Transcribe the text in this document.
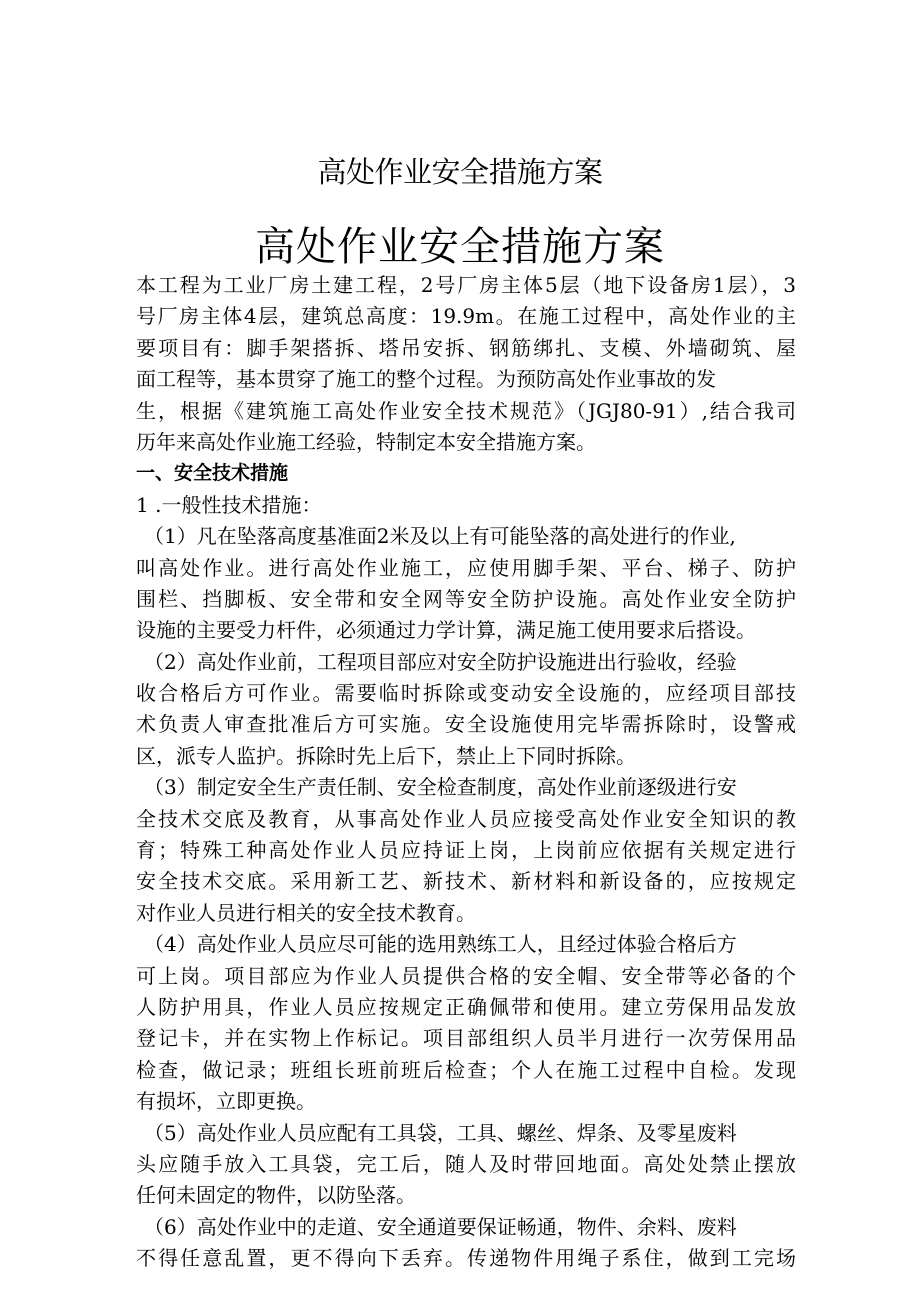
高处作业安全措施方案
高处作业安全措施方案
本工程为工业厂房土建工程，2号厂房主体5层（地下设备房1层），3
号厂房主体4层，建筑总高度：19.9m。在施工过程中，高处作业的主
要项目有：脚手架搭拆、塔吊安拆、钢筋绑扎、支模、外墙砌筑、屋
面工程等，基本贯穿了施工的整个过程。为预防高处作业事故的发
生，根据《建筑施工高处作业安全技术规范》（JGJ80-91）,结合我司
历年来高处作业施工经验，特制定本安全措施方案。
一、安全技术措施
1 .一般性技术措施：
（1）凡在坠落高度基准面2米及以上有可能坠落的高处进行的作业,
叫高处作业。进行高处作业施工，应使用脚手架、平台、梯子、防护
围栏、挡脚板、安全带和安全网等安全防护设施。高处作业安全防护
设施的主要受力杆件，必须通过力学计算，满足施工使用要求后搭设。
（2）高处作业前，工程项目部应对安全防护设施进出行验收，经验
收合格后方可作业。需要临时拆除或变动安全设施的，应经项目部技
术负责人审查批准后方可实施。安全设施使用完毕需拆除时，设警戒
区，派专人监护。拆除时先上后下，禁止上下同时拆除。
（3）制定安全生产责任制、安全检查制度，高处作业前逐级进行安
全技术交底及教育，从事高处作业人员应接受高处作业安全知识的教
育；特殊工种高处作业人员应持证上岗，上岗前应依据有关规定进行
安全技术交底。采用新工艺、新技术、新材料和新设备的，应按规定
对作业人员进行相关的安全技术教育。
（4）高处作业人员应尽可能的选用熟练工人，且经过体验合格后方
可上岗。项目部应为作业人员提供合格的安全帽、安全带等必备的个
人防护用具，作业人员应按规定正确佩带和使用。建立劳保用品发放
登记卡，并在实物上作标记。项目部组织人员半月进行一次劳保用品
检查，做记录；班组长班前班后检查；个人在施工过程中自检。发现
有损坏，立即更换。
（5）高处作业人员应配有工具袋，工具、螺丝、焊条、及零星废料
头应随手放入工具袋，完工后，随人及时带回地面。高处处禁止摆放
任何未固定的物件，以防坠落。
（6）高处作业中的走道、安全通道要保证畅通，物件、余料、废料
不得任意乱置，更不得向下丢弃。传递物件用绳子系住，做到工完场
